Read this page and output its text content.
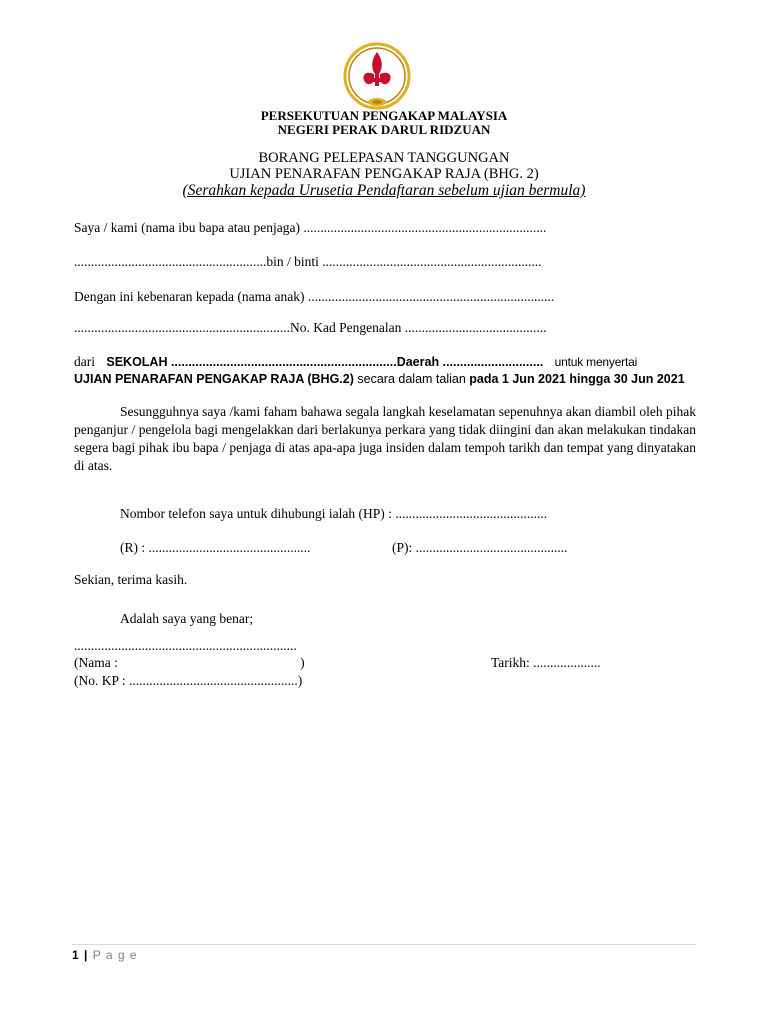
PERSEKUTUAN PENGAKAP MALAYSIA
NEGERI PERAK DARUL RIDZUAN
BORANG PELEPASAN TANGGUNGAN
UJIAN PENARAFAN PENGAKAP RAJA (BHG. 2)
(Serahkan kepada Urusetia Pendaftaran sebelum ujian bermula)
Saya / kami (nama ibu bapa atau penjaga) ........................................................................
.........................................................bin / binti .................................................................
Dengan ini kebenaran kepada (nama anak) .........................................................................
................................................................No. Kad Pengenalan ..........................................
dari SEKOLAH .................................................................Daerah ............................. untuk menyertai
UJIAN PENARAFAN PENGAKAP RAJA (BHG.2) secara dalam talian pada 1 Jun 2021 hingga 30 Jun 2021
Sesungguhnya saya /kami faham bahawa segala langkah keselamatan sepenuhnya akan diambil oleh pihak penganjur / pengelola bagi mengelakkan dari berlakunya perkara yang tidak diingini dan akan melakukan tindakan segera bagi pihak ibu bapa / penjaga di atas apa-apa juga insiden dalam tempoh tarikh dan tempat yang dinyatakan di atas.
Nombor telefon saya untuk dihubungi ialah (HP) : .............................................
(R) : ................................................	(P): .............................................
Sekian, terima kasih.
Adalah saya yang benar;
..................................................................
(Nama :                                                      )	Tarikh: ....................
(No. KP : ..................................................)
1 | P a g e
